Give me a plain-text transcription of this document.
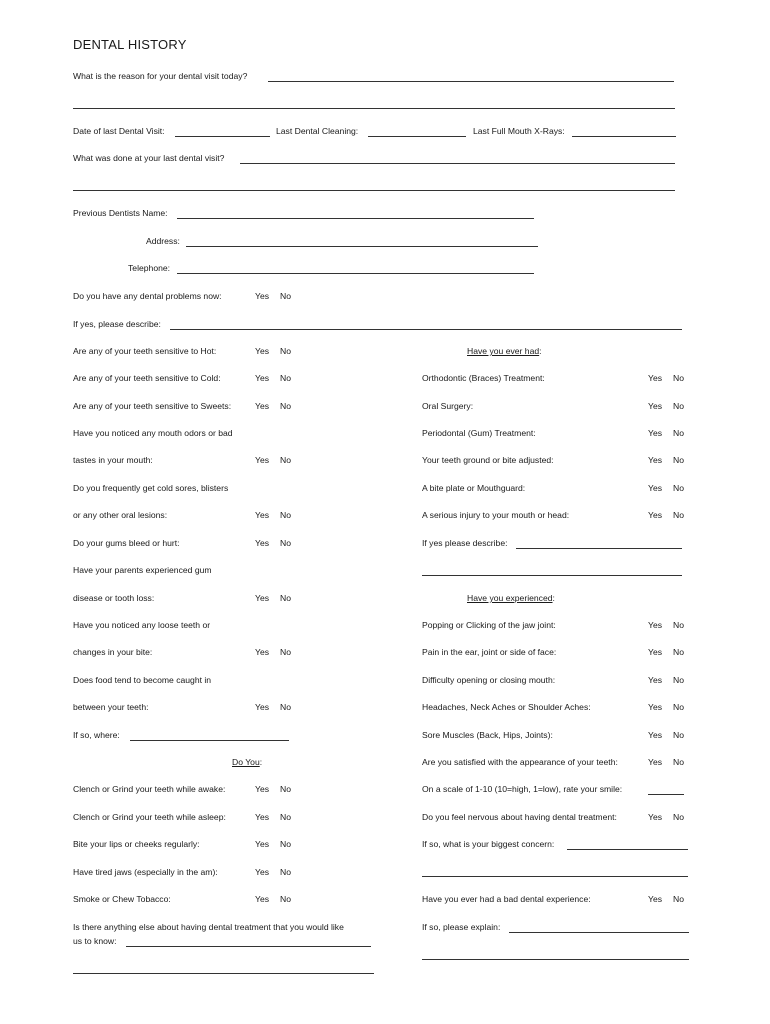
DENTAL HISTORY
What is the reason for your dental visit today?
Date of last Dental Visit:	Last Dental Cleaning:	Last Full Mouth X-Rays:
What was done at your last dental visit?
Previous Dentists Name:
Address:
Telephone:
Do you have any dental problems now:	Yes No
If yes, please describe:
Are any of your teeth sensitive to Hot:	Yes No
Are any of your teeth sensitive to Cold:	Yes No
Are any of your teeth sensitive to Sweets:	Yes No
Have you noticed any mouth odors or bad
tastes in your mouth:	Yes No
Do you frequently get cold sores, blisters
or any other oral lesions:	Yes No
Do your gums bleed or hurt:	Yes No
Have your parents experienced gum
disease or tooth loss:	Yes No
Have you noticed any loose teeth or
changes in your bite:	Yes No
Does food tend to become caught in
between your teeth:	Yes No
If so, where:
Do You:
Clench or Grind your teeth while awake:	Yes No
Clench or Grind your teeth while asleep:	Yes No
Bite your lips or cheeks regularly:	Yes No
Have tired jaws (especially in the am):	Yes No
Smoke or Chew Tobacco:	Yes No
Is there anything else about having dental treatment that you would like
us to know:
Have you ever had:
Orthodontic (Braces) Treatment:	Yes No
Oral Surgery:	Yes No
Periodontal (Gum) Treatment:	Yes No
Your teeth ground or bite adjusted:	Yes No
A bite plate or Mouthguard:	Yes No
A serious injury to your mouth or head:	Yes No
If yes please describe:
Have you experienced:
Popping or Clicking of the jaw joint:	Yes No
Pain in the ear, joint or side of face:	Yes No
Difficulty opening or closing mouth:	Yes No
Headaches, Neck Aches or Shoulder Aches:	Yes No
Sore Muscles (Back, Hips, Joints):	Yes No
Are you satisfied with the appearance of your teeth:	Yes No
On a scale of 1-10 (10=high, 1=low), rate your smile:
Do you feel nervous about having dental treatment:	Yes No
If so, what is your biggest concern:
Have you ever had a bad dental experience:	Yes No
If so, please explain:
